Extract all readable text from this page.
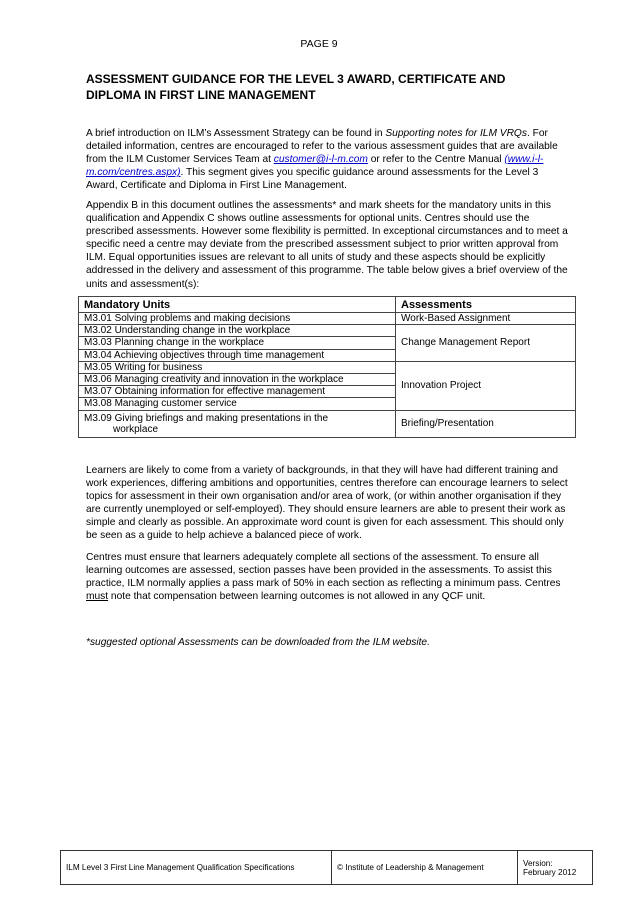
PAGE 9
ASSESSMENT GUIDANCE FOR THE LEVEL 3 AWARD, CERTIFICATE AND
DIPLOMA IN FIRST LINE MANAGEMENT
A brief introduction on ILM’s Assessment Strategy can be found in Supporting notes for ILM VRQs. For detailed information, centres are encouraged to refer to the various assessment guides that are available from the ILM Customer Services Team at customer@i-l-m.com or refer to the Centre Manual (www.i-l-m.com/centres.aspx). This segment gives you specific guidance around assessments for the Level 3 Award, Certificate and Diploma in First Line Management.
Appendix B in this document outlines the assessments* and mark sheets for the mandatory units in this qualification and Appendix C shows outline assessments for optional units. Centres should use the prescribed assessments. However some flexibility is permitted. In exceptional circumstances and to meet a specific need a centre may deviate from the prescribed assessment subject to prior written approval from ILM. Equal opportunities issues are relevant to all units of study and these aspects should be explicitly addressed in the delivery and assessment of this programme. The table below gives a brief overview of the units and assessment(s):
Mandatory Units	Assessments
M3.01 Solving problems and making decisions	Work-Based Assignment
M3.02 Understanding change in the workplace	Change Management Report
M3.03 Planning change in the workplace	
M3.04 Achieving objectives through time management	
M3.05 Writing for business	Innovation Project
M3.06 Managing creativity and innovation in the workplace	
M3.07 Obtaining information for effective management	
M3.08 Managing customer service	
M3.09 Giving briefings and making presentations in the
workplace	Briefing/Presentation
Learners are likely to come from a variety of backgrounds, in that they will have had different training and work experiences, differing ambitions and opportunities, centres therefore can encourage learners to select topics for assessment in their own organisation and/or area of work, (or within another organisation if they are currently unemployed or self-employed). They should ensure learners are able to present their work as simple and clearly as possible. An approximate word count is given for each assessment. This should only be seen as a guide to help achieve a balanced piece of work.
Centres must ensure that learners adequately complete all sections of the assessment. To ensure all learning outcomes are assessed, section passes have been provided in the assessments. To assist this practice, ILM normally applies a pass mark of 50% in each section as reflecting a minimum pass. Centres must note that compensation between learning outcomes is not allowed in any QCF unit.
*suggested optional Assessments can be downloaded from the ILM website.
ILM Level 3 First Line Management Qualification Specifications	© Institute of Leadership & Management	Version: February 2012
